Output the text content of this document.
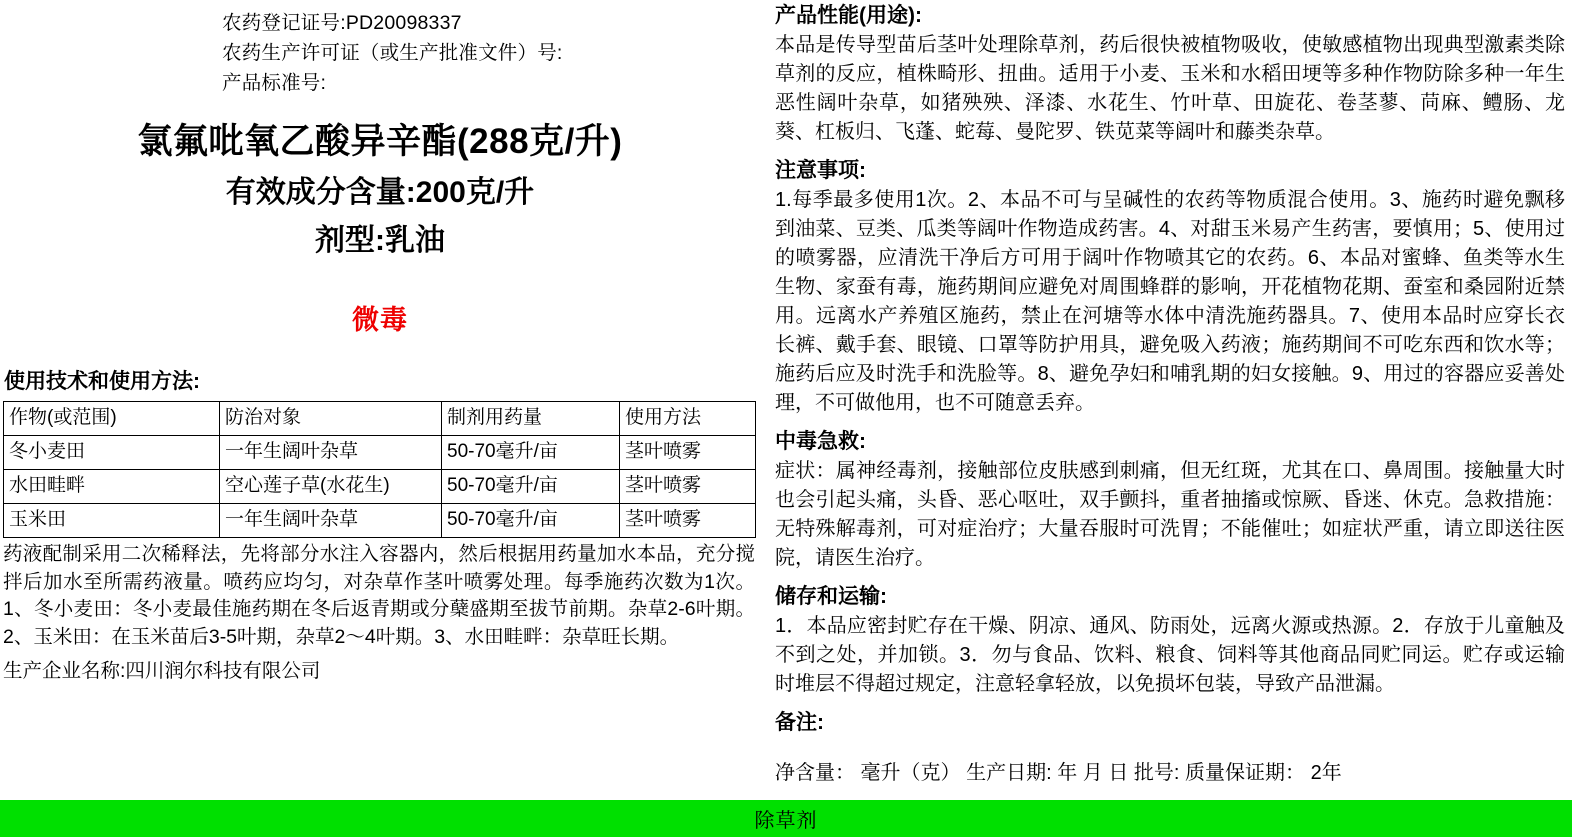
农药登记证号:PD20098337
农药生产许可证（或生产批准文件）号:
产品标准号:
氯氟吡氧乙酸异辛酯(288克/升)
有效成分含量:200克/升
剂型:乳油
微毒
使用技术和使用方法:
作物(或范围)	防治对象	制剂用药量	使用方法
冬小麦田	一年生阔叶杂草	50-70毫升/亩	茎叶喷雾
水田畦畔	空心莲子草(水花生)	50-70毫升/亩	茎叶喷雾
玉米田	一年生阔叶杂草	50-70毫升/亩	茎叶喷雾
药液配制采用二次稀释法，先将部分水注入容器内，然后根据用药量加水本品，充分搅拌后加水至所需药液量。喷药应均匀，对杂草作茎叶喷雾处理。每季施药次数为1次。1、冬小麦田：冬小麦最佳施药期在冬后返青期或分蘖盛期至拔节前期。杂草2-6叶期。2、玉米田：在玉米苗后3-5叶期，杂草2～4叶期。3、水田畦畔：杂草旺长期。
生产企业名称:四川润尔科技有限公司
产品性能(用途):
本品是传导型苗后茎叶处理除草剂，药后很快被植物吸收，使敏感植物出现典型激素类除草剂的反应，植株畸形、扭曲。适用于小麦、玉米和水稻田埂等多种作物防除多种一年生恶性阔叶杂草，如猪殃殃、泽漆、水花生、竹叶草、田旋花、卷茎蓼、苘麻、鳢肠、龙葵、杠板归、飞蓬、蛇莓、曼陀罗、铁苋菜等阔叶和藤类杂草。
注意事项:
1.每季最多使用1次。2、本品不可与呈碱性的农药等物质混合使用。3、施药时避免飘移到油菜、豆类、瓜类等阔叶作物造成药害。4、对甜玉米易产生药害，要慎用；5、使用过的喷雾器，应清洗干净后方可用于阔叶作物喷其它的农药。6、本品对蜜蜂、鱼类等水生生物、家蚕有毒，施药期间应避免对周围蜂群的影响，开花植物花期、蚕室和桑园附近禁用。远离水产养殖区施药，禁止在河塘等水体中清洗施药器具。7、使用本品时应穿长衣长裤、戴手套、眼镜、口罩等防护用具，避免吸入药液；施药期间不可吃东西和饮水等；施药后应及时洗手和洗脸等。8、避免孕妇和哺乳期的妇女接触。9、用过的容器应妥善处理，不可做他用，也不可随意丢弃。
中毒急救:
症状：属神经毒剂，接触部位皮肤感到刺痛，但无红斑，尤其在口、鼻周围。接触量大时也会引起头痛，头昏、恶心呕吐，双手颤抖，重者抽搐或惊厥、昏迷、休克。急救措施：无特殊解毒剂，可对症治疗；大量吞服时可洗胃；不能催吐；如症状严重，请立即送往医院，请医生治疗。
储存和运输:
1．本品应密封贮存在干燥、阴凉、通风、防雨处，远离火源或热源。2．存放于儿童触及不到之处，并加锁。3．勿与食品、饮料、粮食、饲料等其他商品同贮同运。贮存或运输时堆层不得超过规定，注意轻拿轻放，以免损坏包装，导致产品泄漏。
备注:
净含量： 毫升（克） 生产日期: 年 月 日 批号: 质量保证期： 2年
除草剂
